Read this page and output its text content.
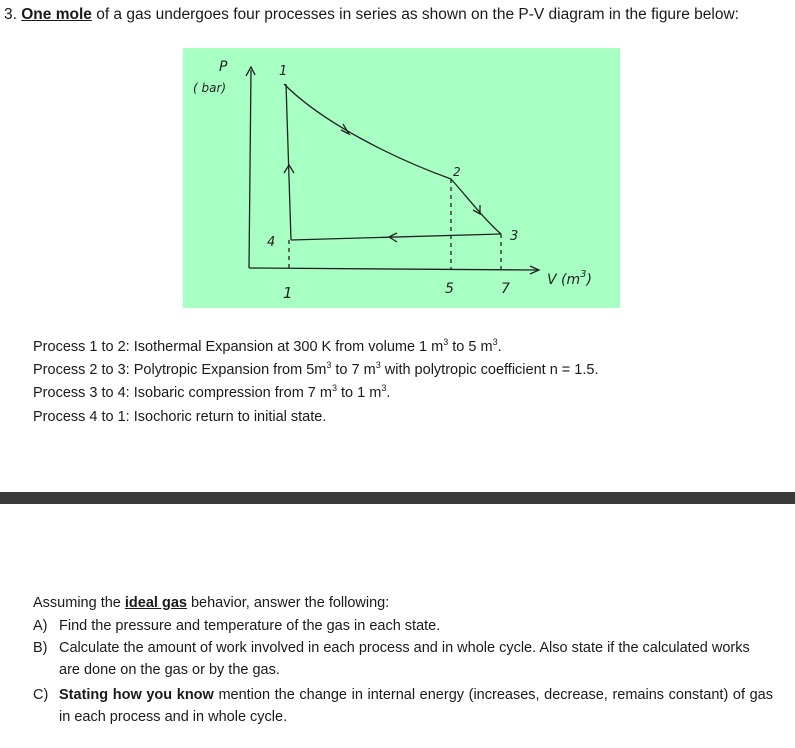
3. One mole of a gas undergoes four processes in series as shown on the P-V diagram in the figure below:
P
( bar)
1
2
3
4
1	5	7
V $(m^3)$
Process 1 to 2: Isothermal Expansion at 300 K from volume 1 $m^3$ to 5 $m^3$.
Process 2 to 3: Polytropic Expansion from $5m^3$ to 7 $m^3$ with polytropic coefficient n = 1.5.
Process 3 to 4: Isobaric compression from 7 $m^3$ to 1 $m^3$.
Process 4 to 1: Isochoric return to initial state.
Assuming the ideal gas behavior, answer the following:
A) Find the pressure and temperature of the gas in each state.
B) Calculate the amount of work involved in each process and in whole cycle. Also state if the calculated works are done on the gas or by the gas.
C) Stating how you know mention the change in internal energy (increases, decrease, remains constant) of gas in each process and in whole cycle.
